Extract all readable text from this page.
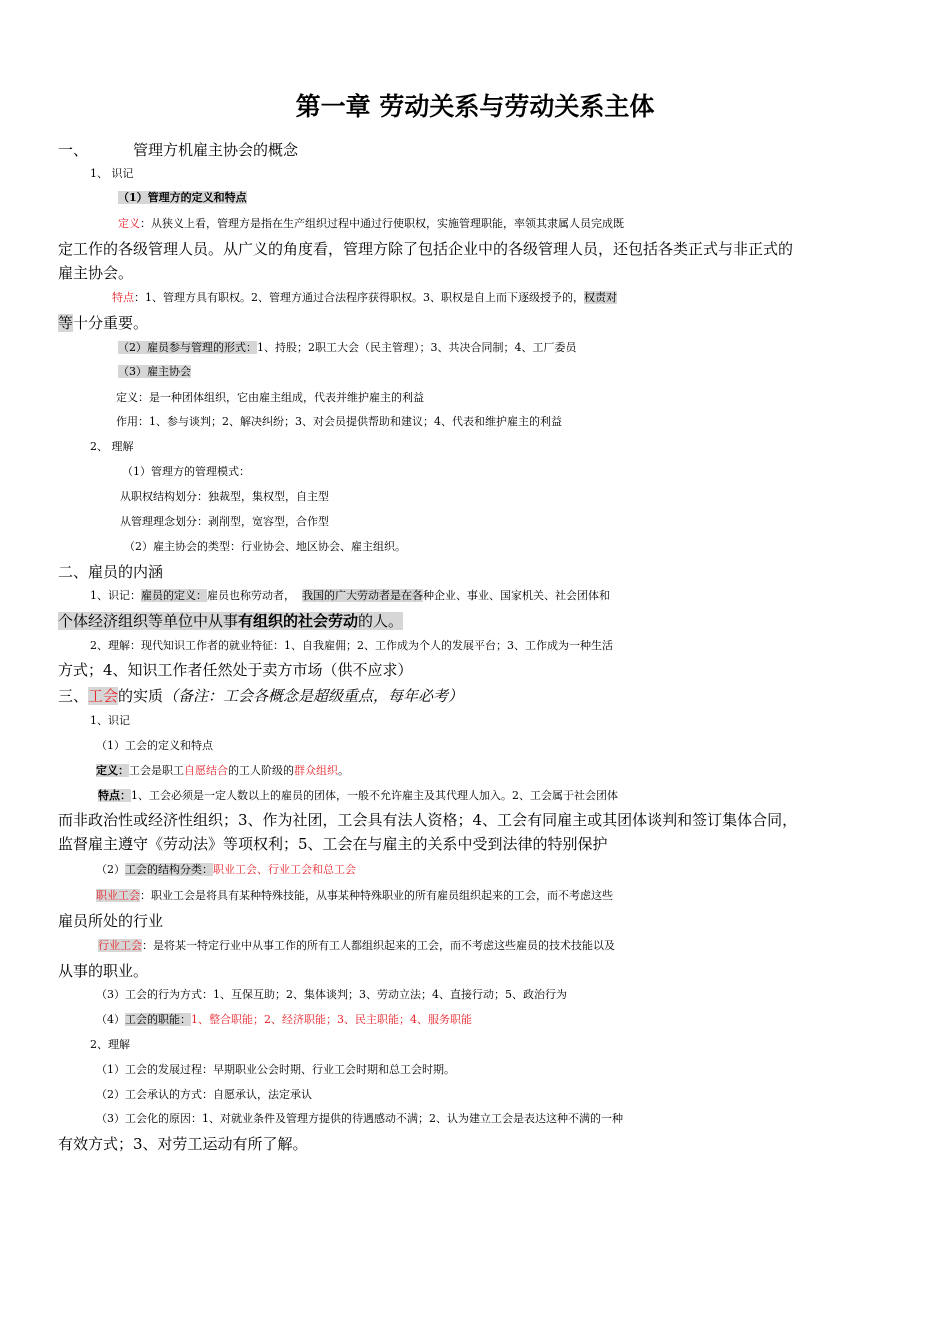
第一章 劳动关系与劳动关系主体
一、	管理方机雇主协会的概念
1、 识记
（1）管理方的定义和特点
定义：从狭义上看，管理方是指在生产组织过程中通过行使职权，实施管理职能，率领其隶属人员完成既
定工作的各级管理人员。从广义的角度看，管理方除了包括企业中的各级管理人员，还包括各类正式与非正式的
雇主协会。
特点：1、管理方具有职权。2、管理方通过合法程序获得职权。3、职权是自上而下逐级授予的，权责对
等十分重要。
（2）雇员参与管理的形式：1、持股；2职工大会（民主管理）；3、共决合同制；4、工厂委员
（3）雇主协会
定义：是一种团体组织，它由雇主组成，代表并维护雇主的利益
作用：1、参与谈判；2、解决纠纷；3、对会员提供帮助和建议；4、代表和维护雇主的利益
2、 理解
（1）管理方的管理模式：
从职权结构划分：独裁型，集权型，自主型
从管理理念划分：剥削型，宽容型，合作型
（2）雇主协会的类型：行业协会、地区协会、雇主组织。
二、雇员的内涵
1、识记：雇员的定义：雇员也称劳动者，  我国的广大劳动者是在各种企业、事业、国家机关、社会团体和
个体经济组织等单位中从事有组织的社会劳动的人。
2、理解：现代知识工作者的就业特征：1、自我雇佣；2、工作成为个人的发展平台；3、工作成为一种生活
方式；4、知识工作者任然处于卖方市场（供不应求）
三、工会的实质（备注：工会各概念是超级重点，每年必考）
1、识记
（1）工会的定义和特点
定义：工会是职工自愿结合的工人阶级的群众组织。
特点：1、工会必须是一定人数以上的雇员的团体，一般不允许雇主及其代理人加入。2、工会属于社会团体
而非政治性或经济性组织；3、作为社团，工会具有法人资格；4、工会有同雇主或其团体谈判和签订集体合同，
监督雇主遵守《劳动法》等项权利；5、工会在与雇主的关系中受到法律的特别保护
（2）工会的结构分类：职业工会、行业工会和总工会
职业工会：职业工会是将具有某种特殊技能，从事某种特殊职业的所有雇员组织起来的工会，而不考虑这些
雇员所处的行业
行业工会：是将某一特定行业中从事工作的所有工人都组织起来的工会，而不考虑这些雇员的技术技能以及
从事的职业。
（3）工会的行为方式：1、互保互助；2、集体谈判；3、劳动立法；4、直接行动；5、政治行为
（4）工会的职能：1、整合职能；2、经济职能；3、民主职能；4、服务职能
2、理解
（1）工会的发展过程：早期职业公会时期、行业工会时期和总工会时期。
（2）工会承认的方式：自愿承认，法定承认
（3）工会化的原因：1、对就业条件及管理方提供的待遇感动不满；2、认为建立工会是表达这种不满的一种
有效方式；3、对劳工运动有所了解。
